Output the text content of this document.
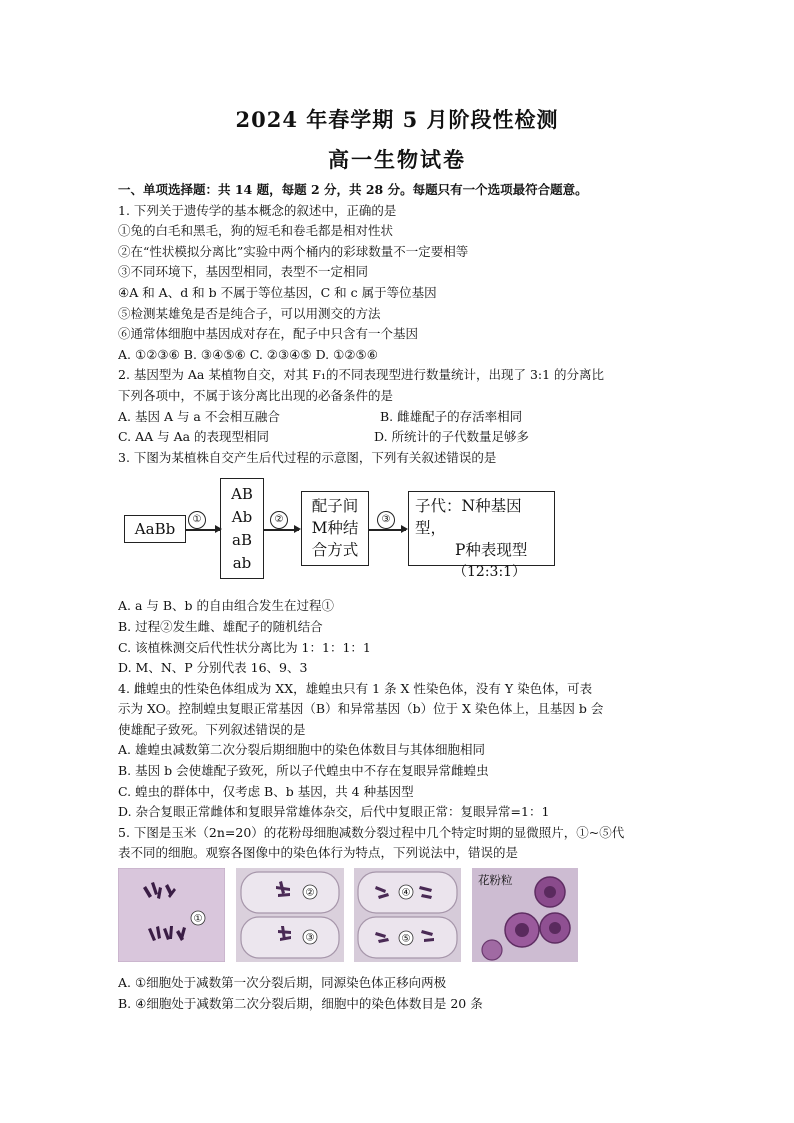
2024 年春学期 5 月阶段性检测
高一生物试卷
一、单项选择题：共 14 题，每题 2 分，共 28 分。每题只有一个选项最符合题意。
1. 下列关于遗传学的基本概念的叙述中，正确的是
①兔的白毛和黑毛，狗的短毛和卷毛都是相对性状
②在“性状模拟分离比”实验中两个桶内的彩球数量不一定要相等
③不同环境下，基因型相同，表型不一定相同
④A 和 A、d 和 b 不属于等位基因，C 和 c 属于等位基因
⑤检测某雄兔是否是纯合子，可以用测交的方法
⑥通常体细胞中基因成对存在，配子中只含有一个基因
A. ①②③⑥ B. ③④⑤⑥ C. ②③④⑤ D. ①②⑤⑥
2. 基因型为 Aa 某植物自交，对其 F₁的不同表现型进行数量统计，出现了 3:1 的分离比
下列各项中，不属于该分离比出现的必备条件的是
A. 基因 A 与 a 不会相互融合	B. 雌雄配子的存活率相同
C. AA 与 Aa 的表现型相同	D. 所统计的子代数量足够多
3. 下图为某植株自交产生后代过程的示意图，下列有关叙述错误的是
AaBb
①
AB
Ab
aB
ab
②
配子间
M种结
合方式
③
子代：N种基因型，
P种表现型
（12:3:1）
A. a 与 B、b 的自由组合发生在过程①
B. 过程②发生雌、雄配子的随机结合
C. 该植株测交后代性状分离比为 1：1：1：1
D. M、N、P 分别代表 16、9、3
4. 雌蝗虫的性染色体组成为 XX，雄蝗虫只有 1 条 X 性染色体，没有 Y 染色体，可表
示为 XO。控制蝗虫复眼正常基因（B）和异常基因（b）位于 X 染色体上，且基因 b 会
使雄配子致死。下列叙述错误的是
A. 雄蝗虫减数第二次分裂后期细胞中的染色体数目与其体细胞相同
B. 基因 b 会使雄配子致死，所以子代蝗虫中不存在复眼异常雌蝗虫
C. 蝗虫的群体中，仅考虑 B、b 基因，共 4 种基因型
D. 杂合复眼正常雌体和复眼异常雄体杂交，后代中复眼正常：复眼异常=1：1
5. 下图是玉米（2n=20）的花粉母细胞减数分裂过程中几个特定时期的显微照片，①~⑤代
表不同的细胞。观察各图像中的染色体行为特点，下列说法中，错误的是
①
②
③
④
⑤
花粉粒
A. ①细胞处于减数第一次分裂后期，同源染色体正移向两极
B. ④细胞处于减数第二次分裂后期，细胞中的染色体数目是 20 条
